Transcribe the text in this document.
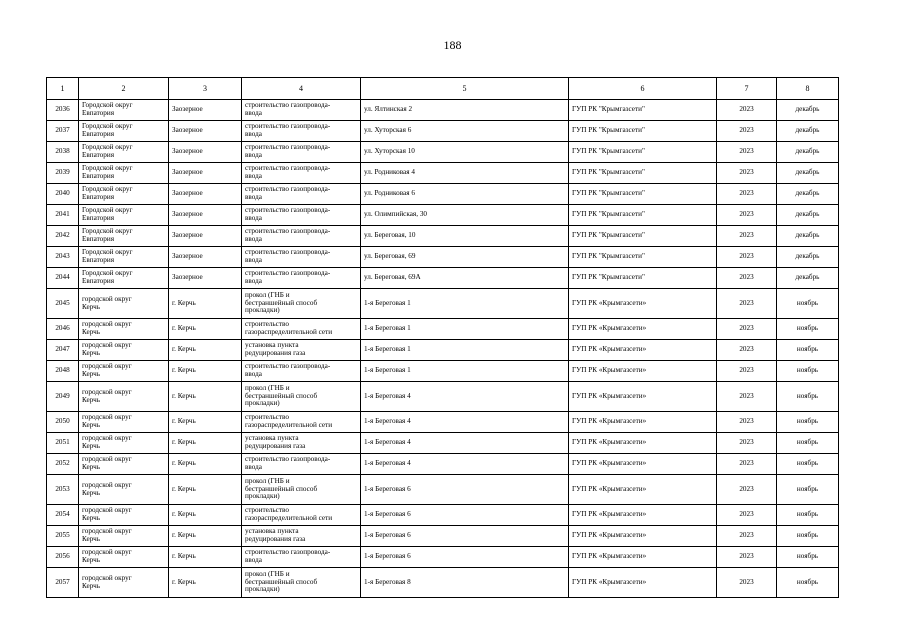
188
1	2	3	4	5	6	7	8
2036	Городской округ
Евпатория	Заозерное	строительство газопровода-
ввода	ул. Ялтинская 2	ГУП РК "Крымгазсети"	2023	декабрь
2037	Городской округ
Евпатория	Заозерное	строительство газопровода-
ввода	ул. Хуторская 6	ГУП РК "Крымгазсети"	2023	декабрь
2038	Городской округ
Евпатория	Заозерное	строительство газопровода-
ввода	ул. Хуторская 10	ГУП РК "Крымгазсети"	2023	декабрь
2039	Городской округ
Евпатория	Заозерное	строительство газопровода-
ввода	ул. Родниковая 4	ГУП РК "Крымгазсети"	2023	декабрь
2040	Городской округ
Евпатория	Заозерное	строительство газопровода-
ввода	ул. Родниковая 6	ГУП РК "Крымгазсети"	2023	декабрь
2041	Городской округ
Евпатория	Заозерное	строительство газопровода-
ввода	ул. Олимпийская, 30	ГУП РК "Крымгазсети"	2023	декабрь
2042	Городской округ
Евпатория	Заозерное	строительство газопровода-
ввода	ул. Береговая, 10	ГУП РК "Крымгазсети"	2023	декабрь
2043	Городской округ
Евпатория	Заозерное	строительство газопровода-
ввода	ул. Береговая, 69	ГУП РК "Крымгазсети"	2023	декабрь
2044	Городской округ
Евпатория	Заозерное	строительство газопровода-
ввода	ул. Береговая, 69А	ГУП РК "Крымгазсети"	2023	декабрь
2045	городской округ
Керчь	г. Керчь	прокол (ГНБ и
бестраншейный способ
прокладки)	1-я Береговая 1	ГУП РК «Крымгазсети»	2023	ноябрь
2046	городской округ
Керчь	г. Керчь	строительство
газораспределительной сети	1-я Береговая 1	ГУП РК «Крымгазсети»	2023	ноябрь
2047	городской округ
Керчь	г. Керчь	установка пункта
редуцирования газа	1-я Береговая 1	ГУП РК «Крымгазсети»	2023	ноябрь
2048	городской округ
Керчь	г. Керчь	строительство газопровода-
ввода	1-я Береговая 1	ГУП РК «Крымгазсети»	2023	ноябрь
2049	городской округ
Керчь	г. Керчь	прокол (ГНБ и
бестраншейный способ
прокладки)	1-я Береговая 4	ГУП РК «Крымгазсети»	2023	ноябрь
2050	городской округ
Керчь	г. Керчь	строительство
газораспределительной сети	1-я Береговая 4	ГУП РК «Крымгазсети»	2023	ноябрь
2051	городской округ
Керчь	г. Керчь	установка пункта
редуцирования газа	1-я Береговая 4	ГУП РК «Крымгазсети»	2023	ноябрь
2052	городской округ
Керчь	г. Керчь	строительство газопровода-
ввода	1-я Береговая 4	ГУП РК «Крымгазсети»	2023	ноябрь
2053	городской округ
Керчь	г. Керчь	прокол (ГНБ и
бестраншейный способ
прокладки)	1-я Береговая 6	ГУП РК «Крымгазсети»	2023	ноябрь
2054	городской округ
Керчь	г. Керчь	строительство
газораспределительной сети	1-я Береговая 6	ГУП РК «Крымгазсети»	2023	ноябрь
2055	городской округ
Керчь	г. Керчь	установка пункта
редуцирования газа	1-я Береговая 6	ГУП РК «Крымгазсети»	2023	ноябрь
2056	городской округ
Керчь	г. Керчь	строительство газопровода-
ввода	1-я Береговая 6	ГУП РК «Крымгазсети»	2023	ноябрь
2057	городской округ
Керчь	г. Керчь	прокол (ГНБ и
бестраншейный способ
прокладки)	1-я Береговая 8	ГУП РК «Крымгазсети»	2023	ноябрь
